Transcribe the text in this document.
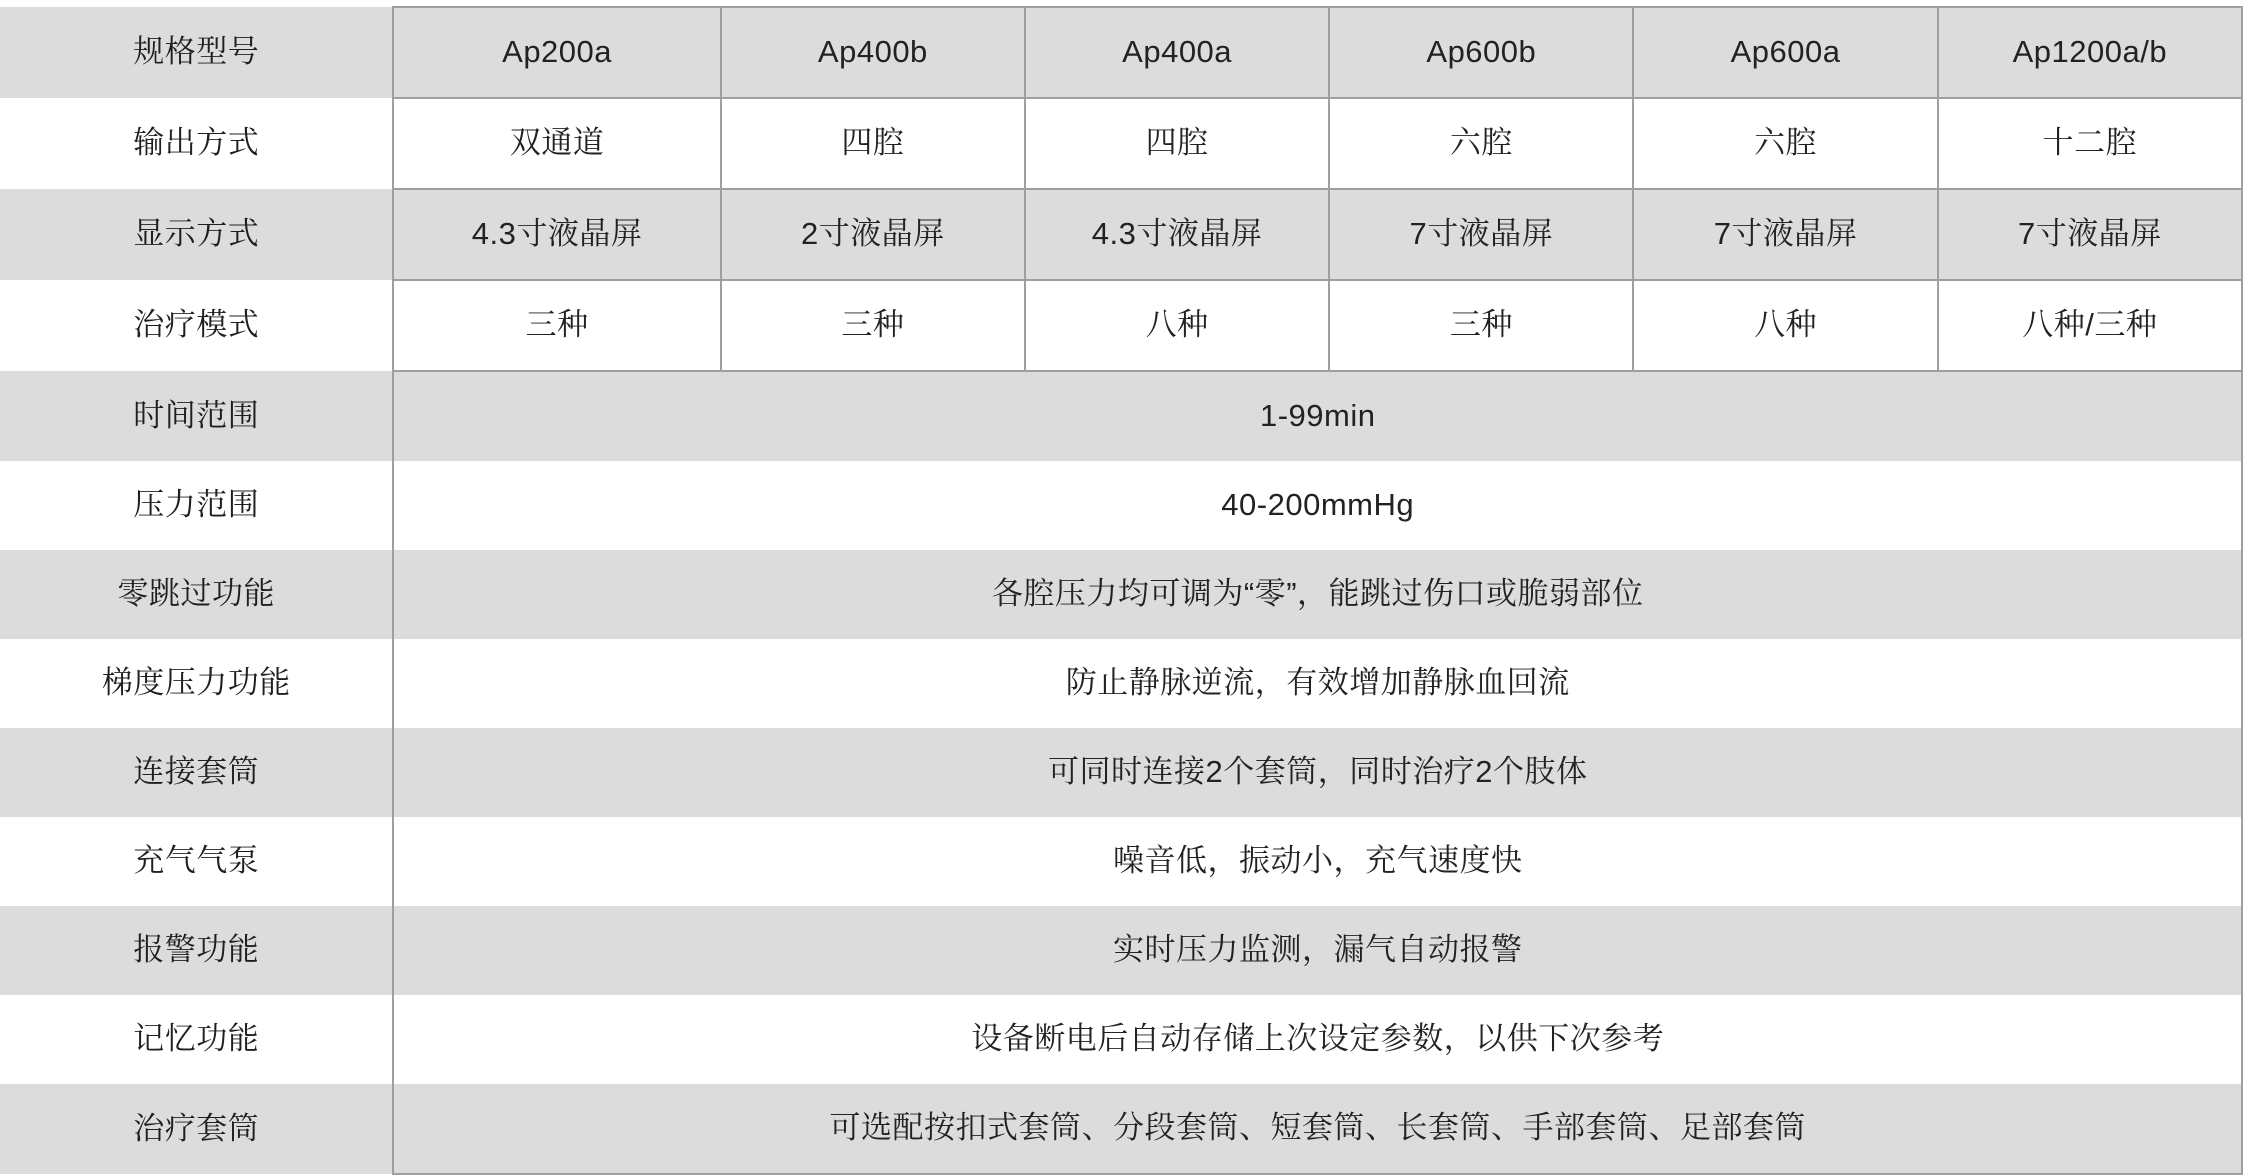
规格型号	Ap200a	Ap400b	Ap400a	Ap600b	Ap600a	Ap1200a/b
输出方式	双通道	四腔	四腔	六腔	六腔	十二腔
显示方式	4.3寸液晶屏	2寸液晶屏	4.3寸液晶屏	7寸液晶屏	7寸液晶屏	7寸液晶屏
治疗模式	三种	三种	八种	三种	八种	八种/三种
时间范围	1-99min					
压力范围	40-200mmHg					
零跳过功能	各腔压力均可调为“零”，能跳过伤口或脆弱部位					
梯度压力功能	防止静脉逆流，有效增加静脉血回流					
连接套筒	可同时连接2个套筒，同时治疗2个肢体					
充气气泵	噪音低，振动小，充气速度快					
报警功能	实时压力监测，漏气自动报警					
记忆功能	设备断电后自动存储上次设定参数，以供下次参考					
治疗套筒	可选配按扣式套筒、分段套筒、短套筒、长套筒、手部套筒、足部套筒					
